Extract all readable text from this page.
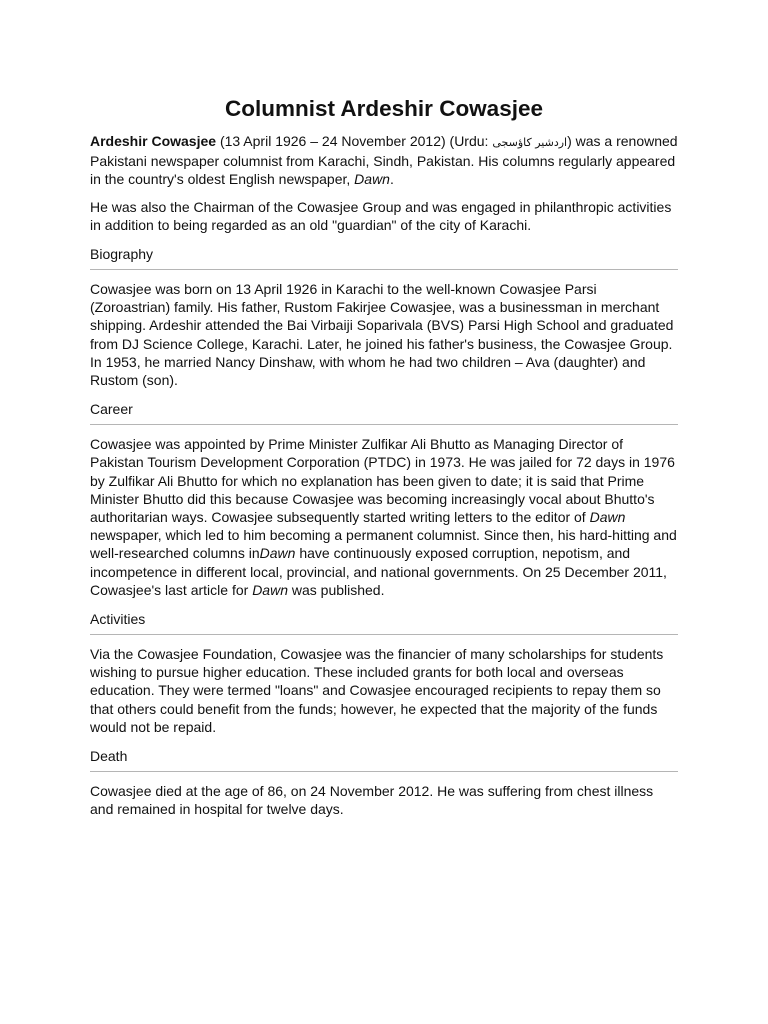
Columnist Ardeshir Cowasjee

Ardeshir Cowasjee (13 April 1926 – 24 November 2012) (Urdu: اردشیر کاؤسجی) was a renowned Pakistani newspaper columnist from Karachi, Sindh, Pakistan. His columns regularly appeared in the country's oldest English newspaper, Dawn.

He was also the Chairman of the Cowasjee Group and was engaged in philanthropic activities in addition to being regarded as an old "guardian" of the city of Karachi.

Biography

Cowasjee was born on 13 April 1926 in Karachi to the well-known Cowasjee Parsi (Zoroastrian) family. His father, Rustom Fakirjee Cowasjee, was a businessman in merchant shipping. Ardeshir attended the Bai Virbaiji Soparivala (BVS) Parsi High School and graduated from DJ Science College, Karachi. Later, he joined his father's business, the Cowasjee Group. In 1953, he married Nancy Dinshaw, with whom he had two children – Ava (daughter) and Rustom (son).

Career

Cowasjee was appointed by Prime Minister Zulfikar Ali Bhutto as Managing Director of Pakistan Tourism Development Corporation (PTDC) in 1973. He was jailed for 72 days in 1976 by Zulfikar Ali Bhutto for which no explanation has been given to date; it is said that Prime Minister Bhutto did this because Cowasjee was becoming increasingly vocal about Bhutto's authoritarian ways. Cowasjee subsequently started writing letters to the editor of Dawn newspaper, which led to him becoming a permanent columnist. Since then, his hard-hitting and well-researched columns inDawn have continuously exposed corruption, nepotism, and incompetence in different local, provincial, and national governments. On 25 December 2011, Cowasjee's last article for Dawn was published.

Activities

Via the Cowasjee Foundation, Cowasjee was the financier of many scholarships for students wishing to pursue higher education. These included grants for both local and overseas education. They were termed "loans" and Cowasjee encouraged recipients to repay them so that others could benefit from the funds; however, he expected that the majority of the funds would not be repaid.

Death

Cowasjee died at the age of 86, on 24 November 2012. He was suffering from chest illness and remained in hospital for twelve days.
